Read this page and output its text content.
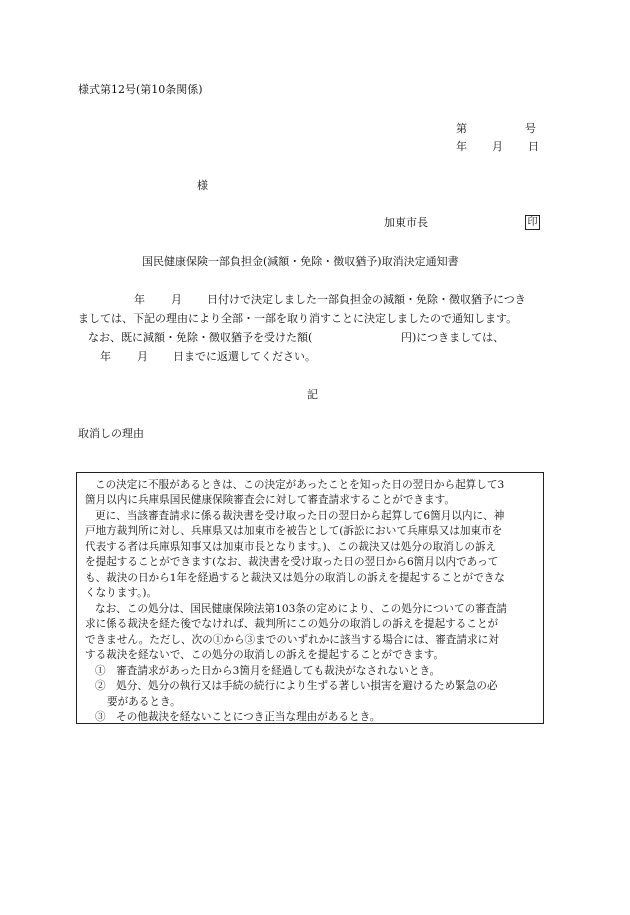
様式第12号(第10条関係)
第	号
年 月 日
様
加東市長	印
国民健康保険一部負担金(減額・免除・徴収猶予)取消決定通知書
年 月 日付けで決定しました一部負担金の減額・免除・徴収猶予につき
ましては、下記の理由により全部・一部を取り消すことに決定しましたので通知します。
なお、既に減額・免除・徴収猶予を受けた額(	円)につきましては、
年 月 日までに返還してください。
記
取消しの理由
この決定に不服があるときは、この決定があったことを知った日の翌日から起算して3
箇月以内に兵庫県国民健康保険審査会に対して審査請求することができます。
更に、当該審査請求に係る裁決書を受け取った日の翌日から起算して6箇月以内に、神
戸地方裁判所に対し、兵庫県又は加東市を被告として(訴訟において兵庫県又は加東市を
代表する者は兵庫県知事又は加東市長となります。)、この裁決又は処分の取消しの訴え
を提起することができます(なお、裁決書を受け取った日の翌日から6箇月以内であって
も、裁決の日から1年を経過すると裁決又は処分の取消しの訴えを提起することができな
くなります。)。
なお、この処分は、国民健康保険法第103条の定めにより、この処分についての審査請
求に係る裁決を経た後でなければ、裁判所にこの処分の取消しの訴えを提起することが
できません。ただし、次の①から③までのいずれかに該当する場合には、審査請求に対
する裁決を経ないで、この処分の取消しの訴えを提起することができます。
①　審査請求があった日から3箇月を経過しても裁決がなされないとき。
②　処分、処分の執行又は手続の続行により生ずる著しい損害を避けるため緊急の必
要があるとき。
③　その他裁決を経ないことにつき正当な理由があるとき。
